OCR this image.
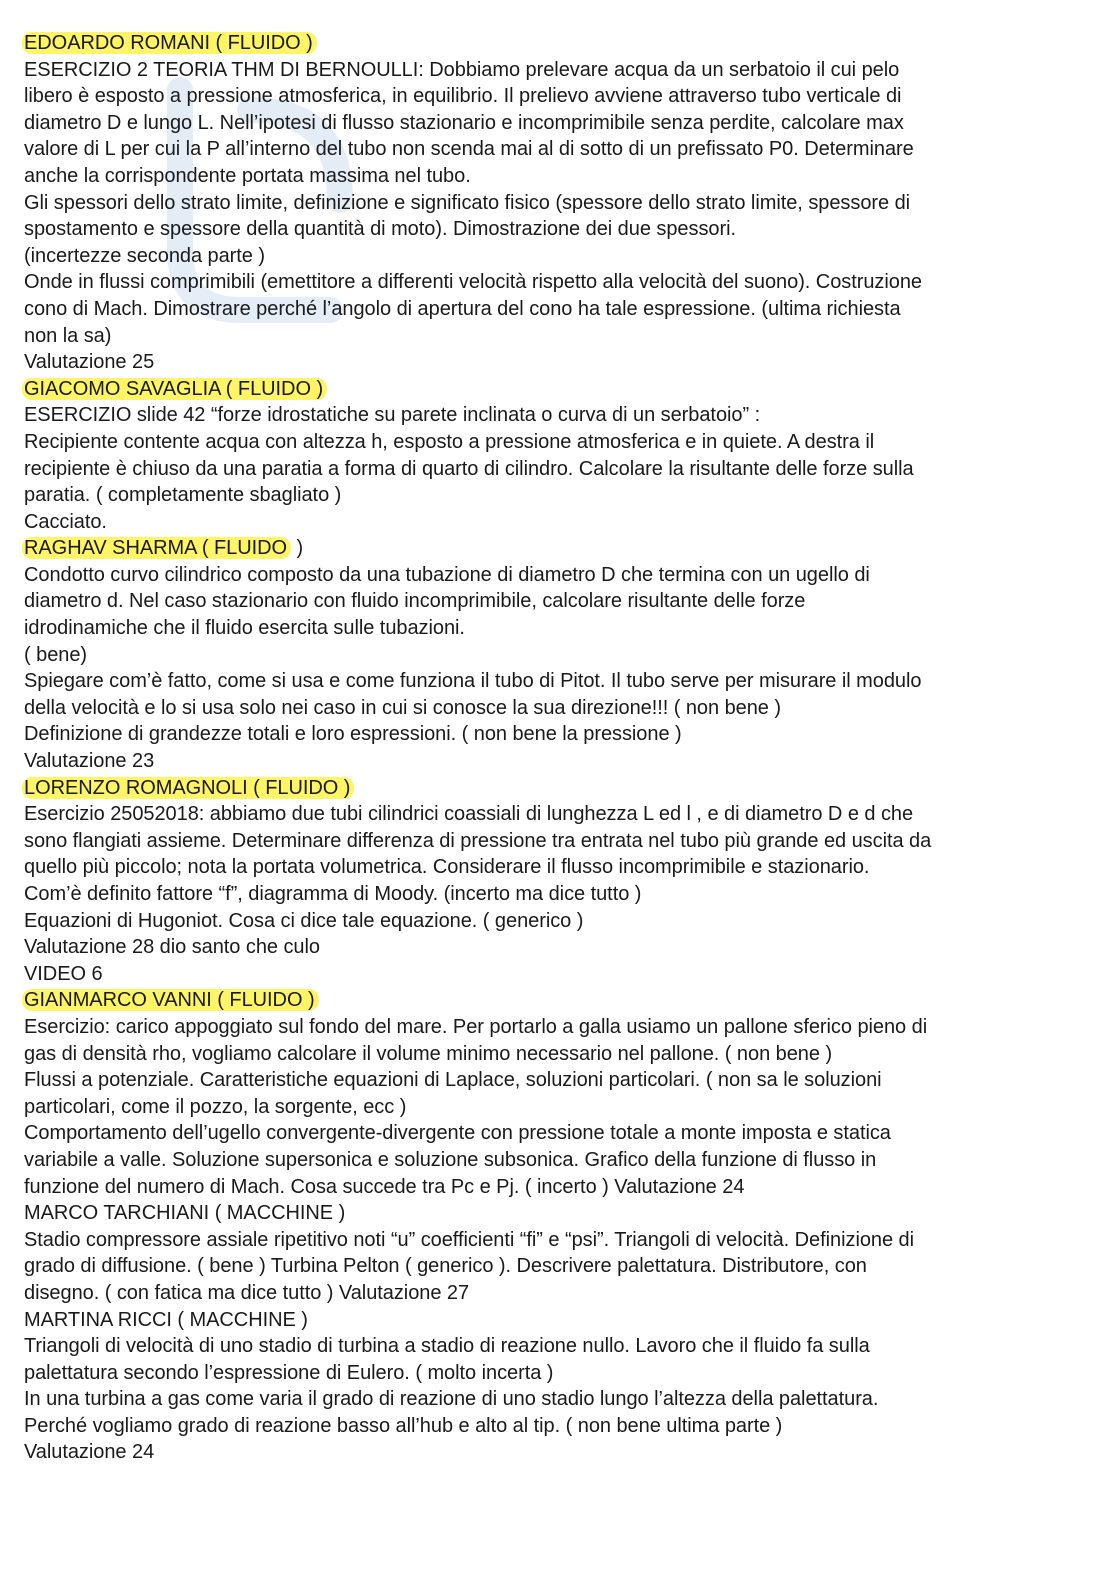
EDOARDO ROMANI ( FLUIDO )
ESERCIZIO 2 TEORIA THM DI BERNOULLI: Dobbiamo prelevare acqua da un serbatoio il cui pelo
libero è esposto a pressione atmosferica, in equilibrio. Il prelievo avviene attraverso tubo verticale di
diametro D e lungo L. Nell’ipotesi di flusso stazionario e incomprimibile senza perdite, calcolare max
valore di L per cui la P all’interno del tubo non scenda mai al di sotto di un prefissato P0. Determinare
anche la corrispondente portata massima nel tubo.
Gli spessori dello strato limite, definizione e significato fisico (spessore dello strato limite, spessore di
spostamento e spessore della quantità di moto). Dimostrazione dei due spessori.
(incertezze seconda parte )
Onde in flussi comprimibili (emettitore a differenti velocità rispetto alla velocità del suono). Costruzione
cono di Mach. Dimostrare perché l’angolo di apertura del cono ha tale espressione. (ultima richiesta
non la sa)
Valutazione 25
GIACOMO SAVAGLIA ( FLUIDO )
ESERCIZIO slide 42 “forze idrostatiche su parete inclinata o curva di un serbatoio” :
Recipiente contente acqua con altezza h, esposto a pressione atmosferica e in quiete. A destra il
recipiente è chiuso da una paratia a forma di quarto di cilindro. Calcolare la risultante delle forze sulla
paratia. ( completamente sbagliato )
Cacciato.
RAGHAV SHARMA ( FLUIDO )
Condotto curvo cilindrico composto da una tubazione di diametro D che termina con un ugello di
diametro d. Nel caso stazionario con fluido incomprimibile, calcolare risultante delle forze
idrodinamiche che il fluido esercita sulle tubazioni.
( bene)
Spiegare com’è fatto, come si usa e come funziona il tubo di Pitot. Il tubo serve per misurare il modulo
della velocità e lo si usa solo nei caso in cui si conosce la sua direzione!!! ( non bene )
Definizione di grandezze totali e loro espressioni. ( non bene la pressione )
Valutazione 23
LORENZO ROMAGNOLI ( FLUIDO )
Esercizio 25052018: abbiamo due tubi cilindrici coassiali di lunghezza L ed l , e di diametro D e d che
sono flangiati assieme. Determinare differenza di pressione tra entrata nel tubo più grande ed uscita da
quello più piccolo; nota la portata volumetrica. Considerare il flusso incomprimibile e stazionario.
Com’è definito fattore “f”, diagramma di Moody. (incerto ma dice tutto )
Equazioni di Hugoniot. Cosa ci dice tale equazione. ( generico )
Valutazione 28 dio santo che culo
VIDEO 6
GIANMARCO VANNI ( FLUIDO )
Esercizio: carico appoggiato sul fondo del mare. Per portarlo a galla usiamo un pallone sferico pieno di
gas di densità rho, vogliamo calcolare il volume minimo necessario nel pallone. ( non bene )
Flussi a potenziale. Caratteristiche equazioni di Laplace, soluzioni particolari. ( non sa le soluzioni
particolari, come il pozzo, la sorgente, ecc )
Comportamento dell’ugello convergente-divergente con pressione totale a monte imposta e statica
variabile a valle. Soluzione supersonica e soluzione subsonica. Grafico della funzione di flusso in
funzione del numero di Mach. Cosa succede tra Pc e Pj. ( incerto ) Valutazione 24
MARCO TARCHIANI ( MACCHINE )
Stadio compressore assiale ripetitivo noti “u” coefficienti “fi” e “psi”. Triangoli di velocità. Definizione di
grado di diffusione. ( bene ) Turbina Pelton ( generico ). Descrivere palettatura. Distributore, con
disegno. ( con fatica ma dice tutto ) Valutazione 27
MARTINA RICCI ( MACCHINE )
Triangoli di velocità di uno stadio di turbina a stadio di reazione nullo. Lavoro che il fluido fa sulla
palettatura secondo l’espressione di Eulero. ( molto incerta )
In una turbina a gas come varia il grado di reazione di uno stadio lungo l’altezza della palettatura.
Perché vogliamo grado di reazione basso all’hub e alto al tip. ( non bene ultima parte )
Valutazione 24
